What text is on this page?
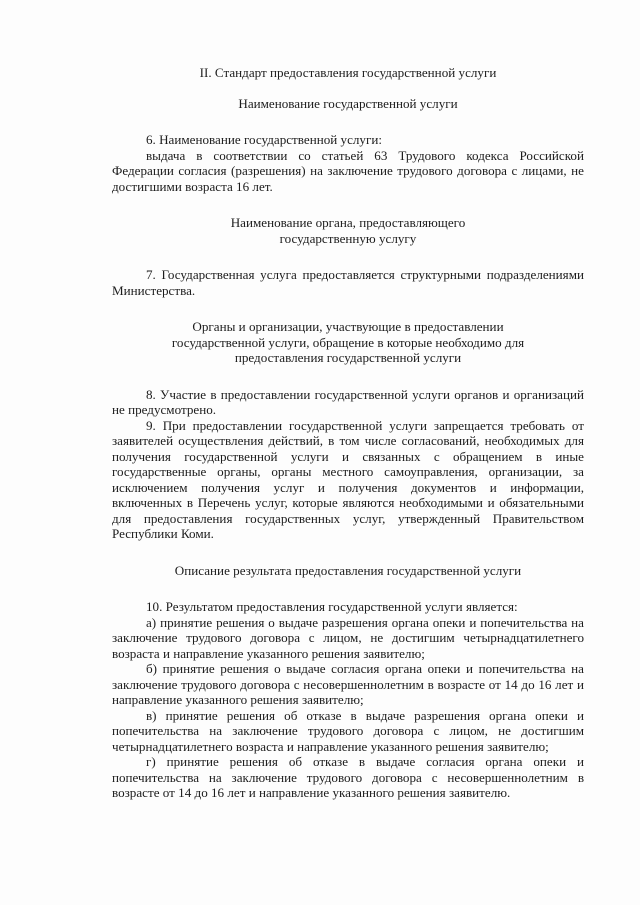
II. Стандарт предоставления государственной услуги

Наименование государственной услуги

6. Наименование государственной услуги:

выдача в соответствии со статьей 63 Трудового кодекса Российской Федерации согласия (разрешения) на заключение трудового договора с лицами, не достигшими возраста 16 лет.

Наименование органа, предоставляющего

государственную услугу

7. Государственная услуга предоставляется структурными подразделениями Министерства.

Органы и организации, участвующие в предоставлении

государственной услуги, обращение в которые необходимо для

предоставления государственной услуги

8. Участие в предоставлении государственной услуги органов и организаций не предусмотрено.

9. При предоставлении государственной услуги запрещается требовать от заявителей осуществления действий, в том числе согласований, необходимых для получения государственной услуги и связанных с обращением в иные государственные органы, органы местного самоуправления, организации, за исключением получения услуг и получения документов и информации, включенных в Перечень услуг, которые являются необходимыми и обязательными для предоставления государственных услуг, утвержденный Правительством Республики Коми.

Описание результата предоставления государственной услуги

10. Результатом предоставления государственной услуги является:

а) принятие решения о выдаче разрешения органа опеки и попечительства на заключение трудового договора с лицом, не достигшим четырнадцатилетнего возраста и направление указанного решения заявителю;

б) принятие решения о выдаче согласия органа опеки и попечительства на заключение трудового договора с несовершеннолетним в возрасте от 14 до 16 лет и направление указанного решения заявителю;

в) принятие решения об отказе в выдаче разрешения органа опеки и попечительства на заключение трудового договора с лицом, не достигшим четырнадцатилетнего возраста и направление указанного решения заявителю;

г) принятие решения об отказе в выдаче согласия органа опеки и попечительства на заключение трудового договора с несовершеннолетним в возрасте от 14 до 16 лет и направление указанного решения заявителю.
